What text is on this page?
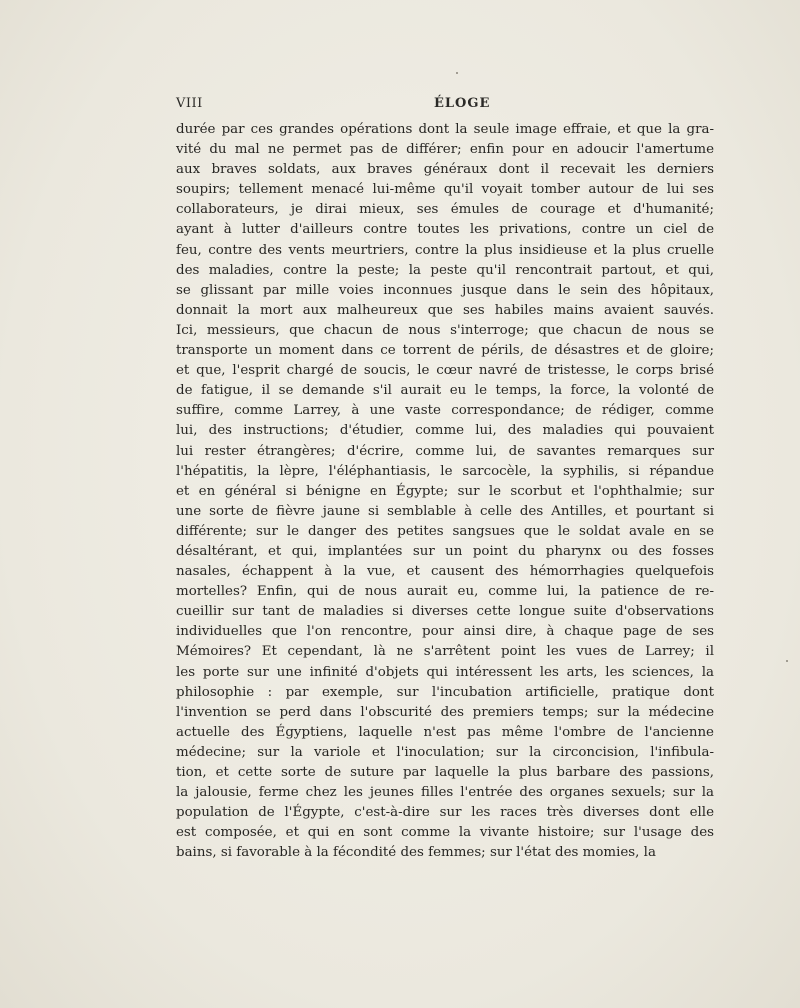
VIII	ÉLOGE
durée par ces grandes opérations dont la seule image effraie, et que la gra-
vité du mal ne permet pas de différer; enfin pour en adoucir l'amertume
aux braves soldats, aux braves généraux dont il recevait les derniers
soupirs; tellement menacé lui-même qu'il voyait tomber autour de lui ses
collaborateurs, je dirai mieux, ses émules de courage et d'humanité;
ayant à lutter d'ailleurs contre toutes les privations, contre un ciel de
feu, contre des vents meurtriers, contre la plus insidieuse et la plus cruelle
des maladies, contre la peste; la peste qu'il rencontrait partout, et qui,
se glissant par mille voies inconnues jusque dans le sein des hôpitaux,
donnait la mort aux malheureux que ses habiles mains avaient sauvés.
Ici, messieurs, que chacun de nous s'interroge; que chacun de nous se
transporte un moment dans ce torrent de périls, de désastres et de gloire;
et que, l'esprit chargé de soucis, le cœur navré de tristesse, le corps brisé
de fatigue, il se demande s'il aurait eu le temps, la force, la volonté de
suffire, comme Larrey, à une vaste correspondance; de rédiger, comme
lui, des instructions; d'étudier, comme lui, des maladies qui pouvaient
lui rester étrangères; d'écrire, comme lui, de savantes remarques sur
l'hépatitis, la lèpre, l'éléphantiasis, le sarcocèle, la syphilis, si répandue
et en général si bénigne en Égypte; sur le scorbut et l'ophthalmie; sur
une sorte de fièvre jaune si semblable à celle des Antilles, et pourtant si
différente; sur le danger des petites sangsues que le soldat avale en se
désaltérant, et qui, implantées sur un point du pharynx ou des fosses
nasales, échappent à la vue, et causent des hémorrhagies quelquefois
mortelles? Enfin, qui de nous aurait eu, comme lui, la patience de re-
cueillir sur tant de maladies si diverses cette longue suite d'observations
individuelles que l'on rencontre, pour ainsi dire, à chaque page de ses
Mémoires? Et cependant, là ne s'arrêtent point les vues de Larrey; il
les porte sur une infinité d'objets qui intéressent les arts, les sciences, la
philosophie : par exemple, sur l'incubation artificielle, pratique dont
l'invention se perd dans l'obscurité des premiers temps; sur la médecine
actuelle des Égyptiens, laquelle n'est pas même l'ombre de l'ancienne
médecine; sur la variole et l'inoculation; sur la circoncision, l'infibula-
tion, et cette sorte de suture par laquelle la plus barbare des passions,
la jalousie, ferme chez les jeunes filles l'entrée des organes sexuels; sur la
population de l'Égypte, c'est-à-dire sur les races très diverses dont elle
est composée, et qui en sont comme la vivante histoire; sur l'usage des
bains, si favorable à la fécondité des femmes; sur l'état des momies, la
